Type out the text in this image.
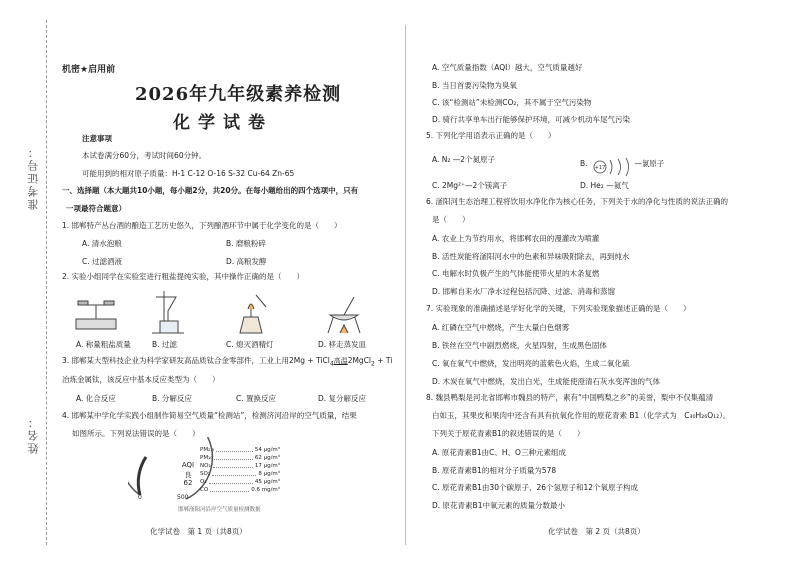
准考证号：
姓名：
机密★启用前
2026年九年级素养检测
化学试卷
注意事项
本试卷满分60分，考试时间60分钟。
可能用到的相对原子质量：H-1 C-12 O-16 S-32 Cu-64 Zn-65
一、选择题（本大题共10小题，每小题2分，共20分。在每小题给出的四个选项中，只有
一项最符合题意）
1. 邯郸特产丛台酒的酿造工艺历史悠久，下列酿酒环节中属于化学变化的是（　　）
A. 清水泡粮	B. 磨粮粉碎
C. 过滤酒液	D. 高粮发酵
2. 实验小组同学在实验室进行粗盐提纯实验，其中操作正确的是（　　）
A. 称量粗盐质量	B. 过滤	C. 熄灭酒精灯	D. 移走蒸发皿
3. 邯郸某大型科技企业为科学家研发高品质钛合金零部件，工业上用2Mg + TiCl$_4$高温2MgCl$_2$ + Ti
冶炼金属钛，该反应中基本反应类型为（　　）
A. 化合反应	B. 分解反应	C. 置换反应	D. 复分解反应
4. 邯郸某中学化学实践小组制作简易空气质量“检测站”，检测济河沿岸的空气质量，结果
如图所示。下列说法错误的是（　　）
AQI
良
62
0	500
PM₂.₅	54 μg/m³
PM₁₀	62 μg/m³
NO₂	17 μg/m³
SO₂	8 μg/m³
O₃	45 μg/m³
CO	0.6 mg/m³
邯郸滏阳河沿岸空气质量检测数据
化学试卷　第 1 页（共8页）
A. 空气质量指数（AQI）越大，空气质量越好
B. 当日首要污染物为臭氧
C. 该“检测站”未检测CO₂，其不属于空气污染物
D. 骑行共享单车出行能够保护环境，可减少机动车尾气污染
5. 下列化学用语表示正确的是（　　）
A. N₂ —2个氮原子	B. +17	—氯原子
C. 2Mg²⁺—2个镁离子	D. He₂ —氦气
6. 滏阳河生态治理工程将饮用水净化作为核心任务，下列关于水的净化与性质的说法正确的
是（　　）
A. 农业上为节约用水，将邯郸农田的漫灌改为喷灌
B. 活性炭能将滏阳河水中的色素和异味吸附除去，再到纯水
C. 电解水时负极产生的气体能使带火星的木条复燃
D. 邯郸自来水厂净水过程包括沉降、过滤、消毒和蒸馏
7. 实验现象的准确描述是学好化学的关键，下列实验现象描述正确的是（　　）
A. 红磷在空气中燃烧，产生大量白色烟雾
B. 铁丝在空气中剧烈燃烧，火星四射，生成黑色固体
C. 氧在氧气中燃烧，发出明亮的蓝紫色火焰，生成二氧化硫
D. 木炭在氧气中燃烧，发出白光，生成能使澄清石灰水变浑浊的气体
8. 魏县鸭梨是河北省邯郸市魏县的特产，素有“中国鸭梨之乡”的美誉，梨中不仅集蕴清
白如玉，其果皮和果肉中还含有具有抗氧化作用的原花青素 B1（化学式为　C₃₀H₂₆O₁₂）。
下列关于原花青素B1的叙述错误的是（　　）
A. 原花青素B1由C、H、O三种元素组成
B. 原花青素B1的相对分子质量为578
C. 原花青素B1由30个碳原子、26个氢原子和12个氧原子构成
D. 原花青素B1中氧元素的质量分数最小
化学试卷　第 2 页（共8页）
